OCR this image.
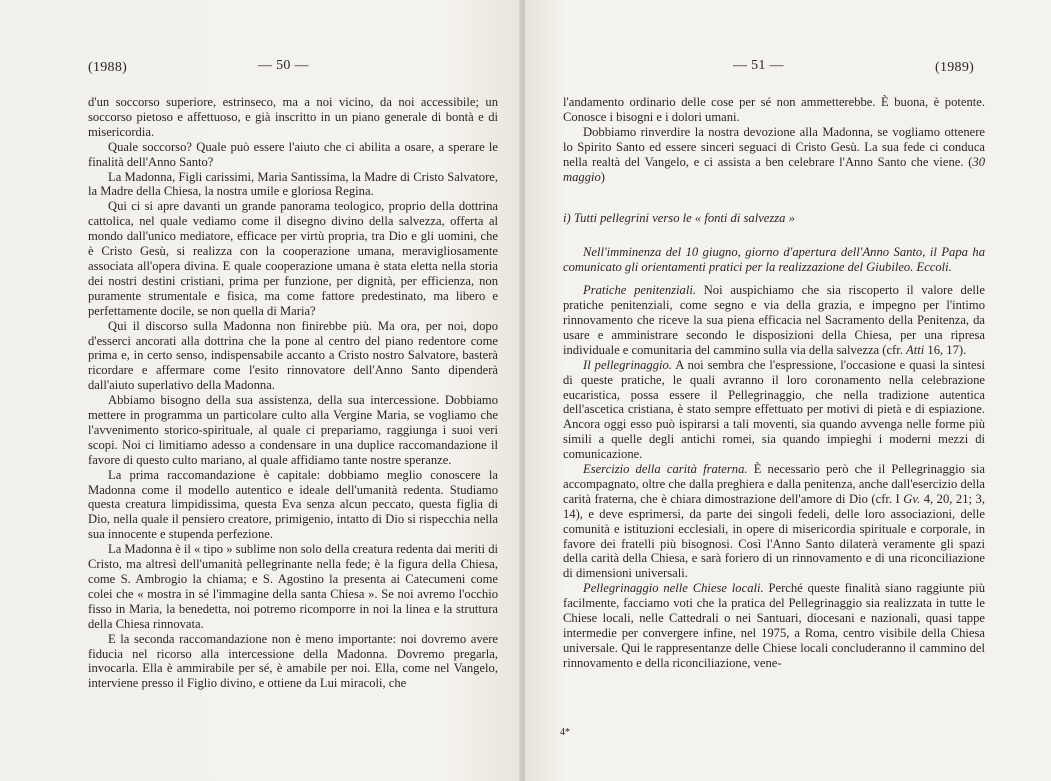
(1988)	— 50 —

d'un soccorso superiore, estrinseco, ma a noi vicino, da noi accessibile; un soccorso pietoso e affettuoso, e già inscritto in un piano generale di bontà e di misericordia.

Quale soccorso? Quale può essere l'aiuto che ci abilita a osare, a sperare le finalità dell'Anno Santo?

La Madonna, Figli carissimi, Maria Santissima, la Madre di Cristo Salvatore, la Madre della Chiesa, la nostra umile e gloriosa Regina.

Qui ci si apre davanti un grande panorama teologico, proprio della dottrina cattolica, nel quale vediamo come il disegno divino della salvezza, offerta al mondo dall'unico mediatore, efficace per virtù propria, tra Dio e gli uomini, che è Cristo Gesù, si realizza con la cooperazione umana, meravigliosamente associata all'opera divina. E quale cooperazione umana è stata eletta nella storia dei nostri destini cristiani, prima per funzione, per dignità, per efficienza, non puramente strumentale e fisica, ma come fattore predestinato, ma libero e perfettamente docile, se non quella di Maria?

Qui il discorso sulla Madonna non finirebbe più. Ma ora, per noi, dopo d'esserci ancorati alla dottrina che la pone al centro del piano redentore come prima e, in certo senso, indispensabile accanto a Cristo nostro Salvatore, basterà ricordare e affermare come l'esito rinnovatore dell'Anno Santo dipenderà dall'aiuto superlativo della Madonna.

Abbiamo bisogno della sua assistenza, della sua intercessione. Dobbiamo mettere in programma un particolare culto alla Vergine Maria, se vogliamo che l'avvenimento storico-spirituale, al quale ci prepariamo, raggiunga i suoi veri scopi. Noi ci limitiamo adesso a condensare in una duplice raccomandazione il favore di questo culto mariano, al quale affidiamo tante nostre speranze.

La prima raccomandazione è capitale: dobbiamo meglio conoscere la Madonna come il modello autentico e ideale dell'umanità redenta. Studiamo questa creatura limpidissima, questa Eva senza alcun peccato, questa figlia di Dio, nella quale il pensiero creatore, primigenio, intatto di Dio si rispecchia nella sua innocente e stupenda perfezione.

La Madonna è il « tipo » sublime non solo della creatura redenta dai meriti di Cristo, ma altresì dell'umanità pellegrinante nella fede; è la figura della Chiesa, come S. Ambrogio la chiama; e S. Agostino la presenta ai Catecumeni come colei che « mostra in sé l'immagine della santa Chiesa ». Se noi avremo l'occhio fisso in Maria, la benedetta, noi potremo ricomporre in noi la linea e la struttura della Chiesa rinnovata.

E la seconda raccomandazione non è meno importante: noi dovremo avere fiducia nel ricorso alla intercessione della Madonna. Dovremo pregarla, invocarla. Ella è ammirabile per sé, è amabile per noi. Ella, come nel Vangelo, interviene presso il Figlio divino, e ottiene da Lui miracoli, che

— 51 —	(1989)

l'andamento ordinario delle cose per sé non ammetterebbe. È buona, è potente. Conosce i bisogni e i dolori umani.

Dobbiamo rinverdire la nostra devozione alla Madonna, se vogliamo ottenere lo Spirito Santo ed essere sinceri seguaci di Cristo Gesù. La sua fede ci conduca nella realtà del Vangelo, e ci assista a ben celebrare l'Anno Santo che viene. (30 maggio)

i) Tutti pellegrini verso le « fonti di salvezza »

Nell'imminenza del 10 giugno, giorno d'apertura dell'Anno Santo, il Papa ha comunicato gli orientamenti pratici per la realizzazione del Giubileo. Eccoli.

Pratiche penitenziali. Noi auspichiamo che sia riscoperto il valore delle pratiche penitenziali, come segno e via della grazia, e impegno per l'intimo rinnovamento che riceve la sua piena efficacia nel Sacramento della Penitenza, da usare e amministrare secondo le disposizioni della Chiesa, per una ripresa individuale e comunitaria del cammino sulla via della salvezza (cfr. Atti 16, 17).

Il pellegrinaggio. A noi sembra che l'espressione, l'occasione e quasi la sintesi di queste pratiche, le quali avranno il loro coronamento nella celebrazione eucaristica, possa essere il Pellegrinaggio, che nella tradizione autentica dell'ascetica cristiana, è stato sempre effettuato per motivi di pietà e di espiazione. Ancora oggi esso può ispirarsi a tali moventi, sia quando avvenga nelle forme più simili a quelle degli antichi romei, sia quando impieghi i moderni mezzi di comunicazione.

Esercizio della carità fraterna. È necessario però che il Pellegrinaggio sia accompagnato, oltre che dalla preghiera e dalla penitenza, anche dall'esercizio della carità fraterna, che è chiara dimostrazione dell'amore di Dio (cfr. I Gv. 4, 20, 21; 3, 14), e deve esprimersi, da parte dei singoli fedeli, delle loro associazioni, delle comunità e istituzioni ecclesiali, in opere di misericordia spirituale e corporale, in favore dei fratelli più bisognosi. Così l'Anno Santo dilaterà veramente gli spazi della carità della Chiesa, e sarà foriero di un rinnovamento e di una riconciliazione di dimensioni universali.

Pellegrinaggio nelle Chiese locali. Perché queste finalità siano raggiunte più facilmente, facciamo voti che la pratica del Pellegrinaggio sia realizzata in tutte le Chiese locali, nelle Cattedrali o nei Santuari, diocesani e nazionali, quasi tappe intermedie per convergere infine, nel 1975, a Roma, centro visibile della Chiesa universale. Qui le rappresentanze delle Chiese locali concluderanno il cammino del rinnovamento e della riconciliazione, vene-

4*
